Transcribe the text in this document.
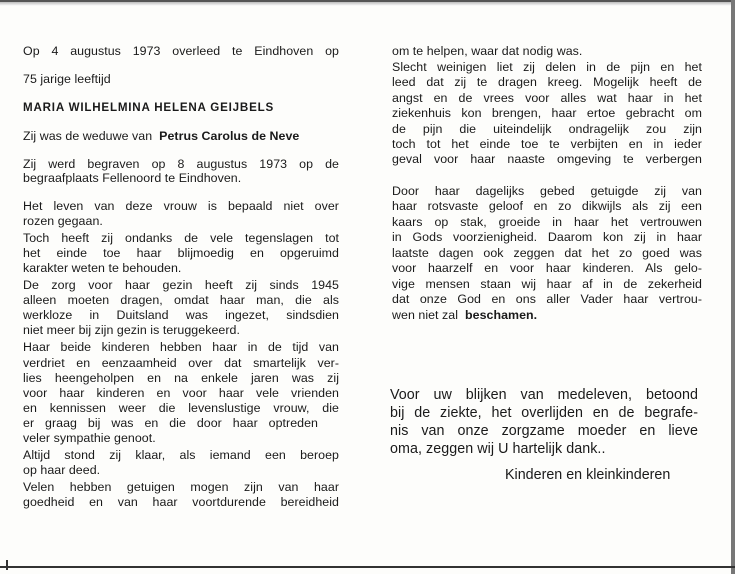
Op 4 augustus 1973 overleed te Eindhoven op
75 jarige leeftijd
MARIA WILHELMINA HELENA GEIJBELS
Zij was de weduwe van Petrus Carolus de Neve
Zij werd begraven op 8 augustus 1973 op de
begraafplaats Fellenoord te Eindhoven.
Het leven van deze vrouw is bepaald niet over
rozen gegaan.
Toch heeft zij ondanks de vele tegenslagen tot
het einde toe haar blijmoedig en opgeruimd
karakter weten te behouden.
De zorg voor haar gezin heeft zij sinds 1945
alleen moeten dragen, omdat haar man, die als
werkloze in Duitsland was ingezet, sindsdien
niet meer bij zijn gezin is teruggekeerd.
Haar beide kinderen hebben haar in de tijd van
verdriet en eenzaamheid over dat smartelijk ver-
lies heengeholpen en na enkele jaren was zij
voor haar kinderen en voor haar vele vrienden
en kennissen weer die levenslustige vrouw, die
er graag bij was en die door haar optreden
veler sympathie genoot.
Altijd stond zij klaar, als iemand een beroep
op haar deed.
Velen hebben getuigen mogen zijn van haar
goedheid en van haar voortdurende bereidheid
om te helpen, waar dat nodig was.
Slecht weinigen liet zij delen in de pijn en het
leed dat zij te dragen kreeg. Mogelijk heeft de
angst en de vrees voor alles wat haar in het
ziekenhuis kon brengen, haar ertoe gebracht om
de pijn die uiteindelijk ondragelijk zou zijn
toch tot het einde toe te verbijten en in ieder
geval voor haar naaste omgeving te verbergen
Door haar dagelijks gebed getuigde zij van
haar rotsvaste geloof en zo dikwijls als zij een
kaars op stak, groeide in haar het vertrouwen
in Gods voorzienigheid. Daarom kon zij in haar
laatste dagen ook zeggen dat het zo goed was
voor haarzelf en voor haar kinderen. Als gelo-
vige mensen staan wij haar af in de zekerheid
dat onze God en ons aller Vader haar vertrou-
wen niet zal beschamen.
Voor uw blijken van medeleven, betoond
bij de ziekte, het overlijden en de begrafe-
nis van onze zorgzame moeder en lieve
oma, zeggen wij U hartelijk dank..
Kinderen en kleinkinderen
